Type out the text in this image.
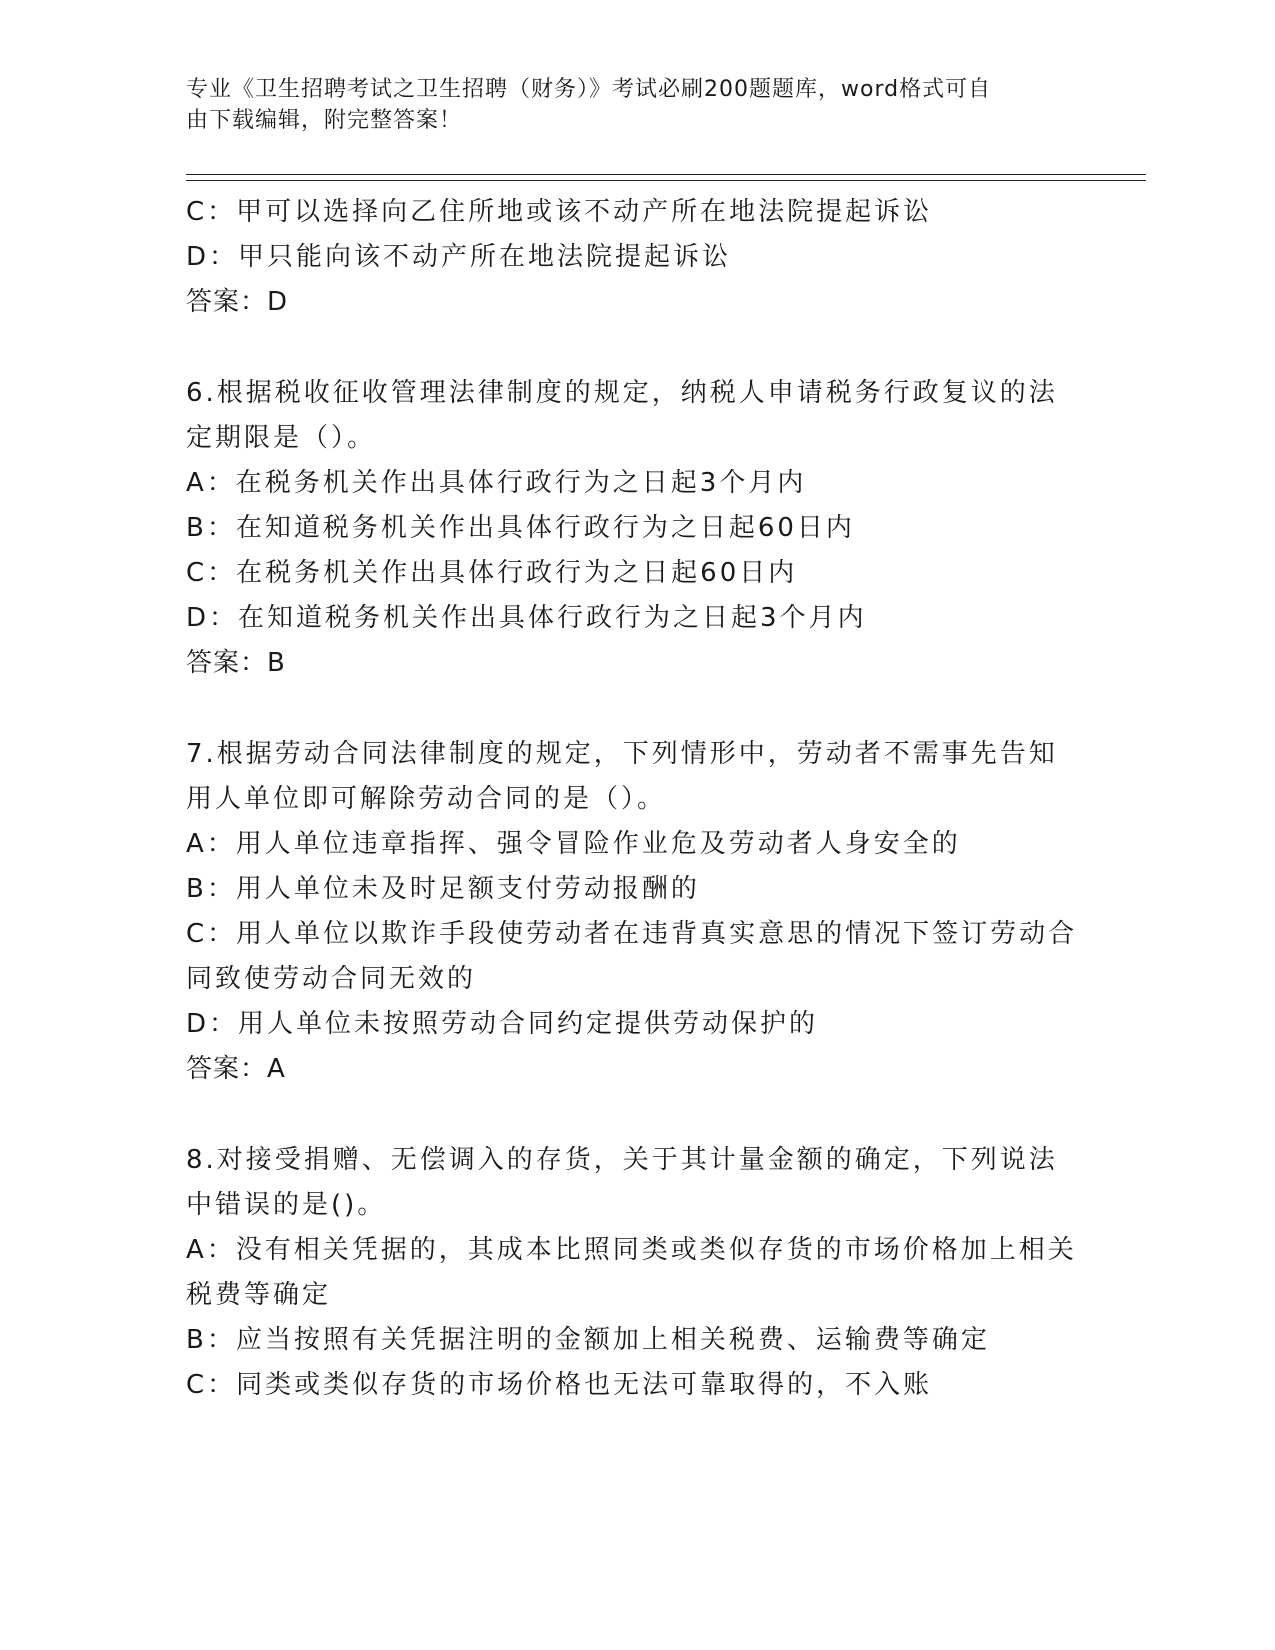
专业《卫生招聘考试之卫生招聘（财务）》考试必刷200题题库，word格式可自
由下载编辑，附完整答案！
C：甲可以选择向乙住所地或该不动产所在地法院提起诉讼
D：甲只能向该不动产所在地法院提起诉讼
答案：D
6.根据税收征收管理法律制度的规定，纳税人申请税务行政复议的法
定期限是（）。
A：在税务机关作出具体行政行为之日起3个月内
B：在知道税务机关作出具体行政行为之日起60日内
C：在税务机关作出具体行政行为之日起60日内
D：在知道税务机关作出具体行政行为之日起3个月内
答案：B
7.根据劳动合同法律制度的规定，下列情形中，劳动者不需事先告知
用人单位即可解除劳动合同的是（）。
A：用人单位违章指挥、强令冒险作业危及劳动者人身安全的
B：用人单位未及时足额支付劳动报酬的
C：用人单位以欺诈手段使劳动者在违背真实意思的情况下签订劳动合
同致使劳动合同无效的
D：用人单位未按照劳动合同约定提供劳动保护的
答案：A
8.对接受捐赠、无偿调入的存货，关于其计量金额的确定，下列说法
中错误的是()。
A：没有相关凭据的，其成本比照同类或类似存货的市场价格加上相关
税费等确定
B：应当按照有关凭据注明的金额加上相关税费、运输费等确定
C：同类或类似存货的市场价格也无法可靠取得的，不入账
